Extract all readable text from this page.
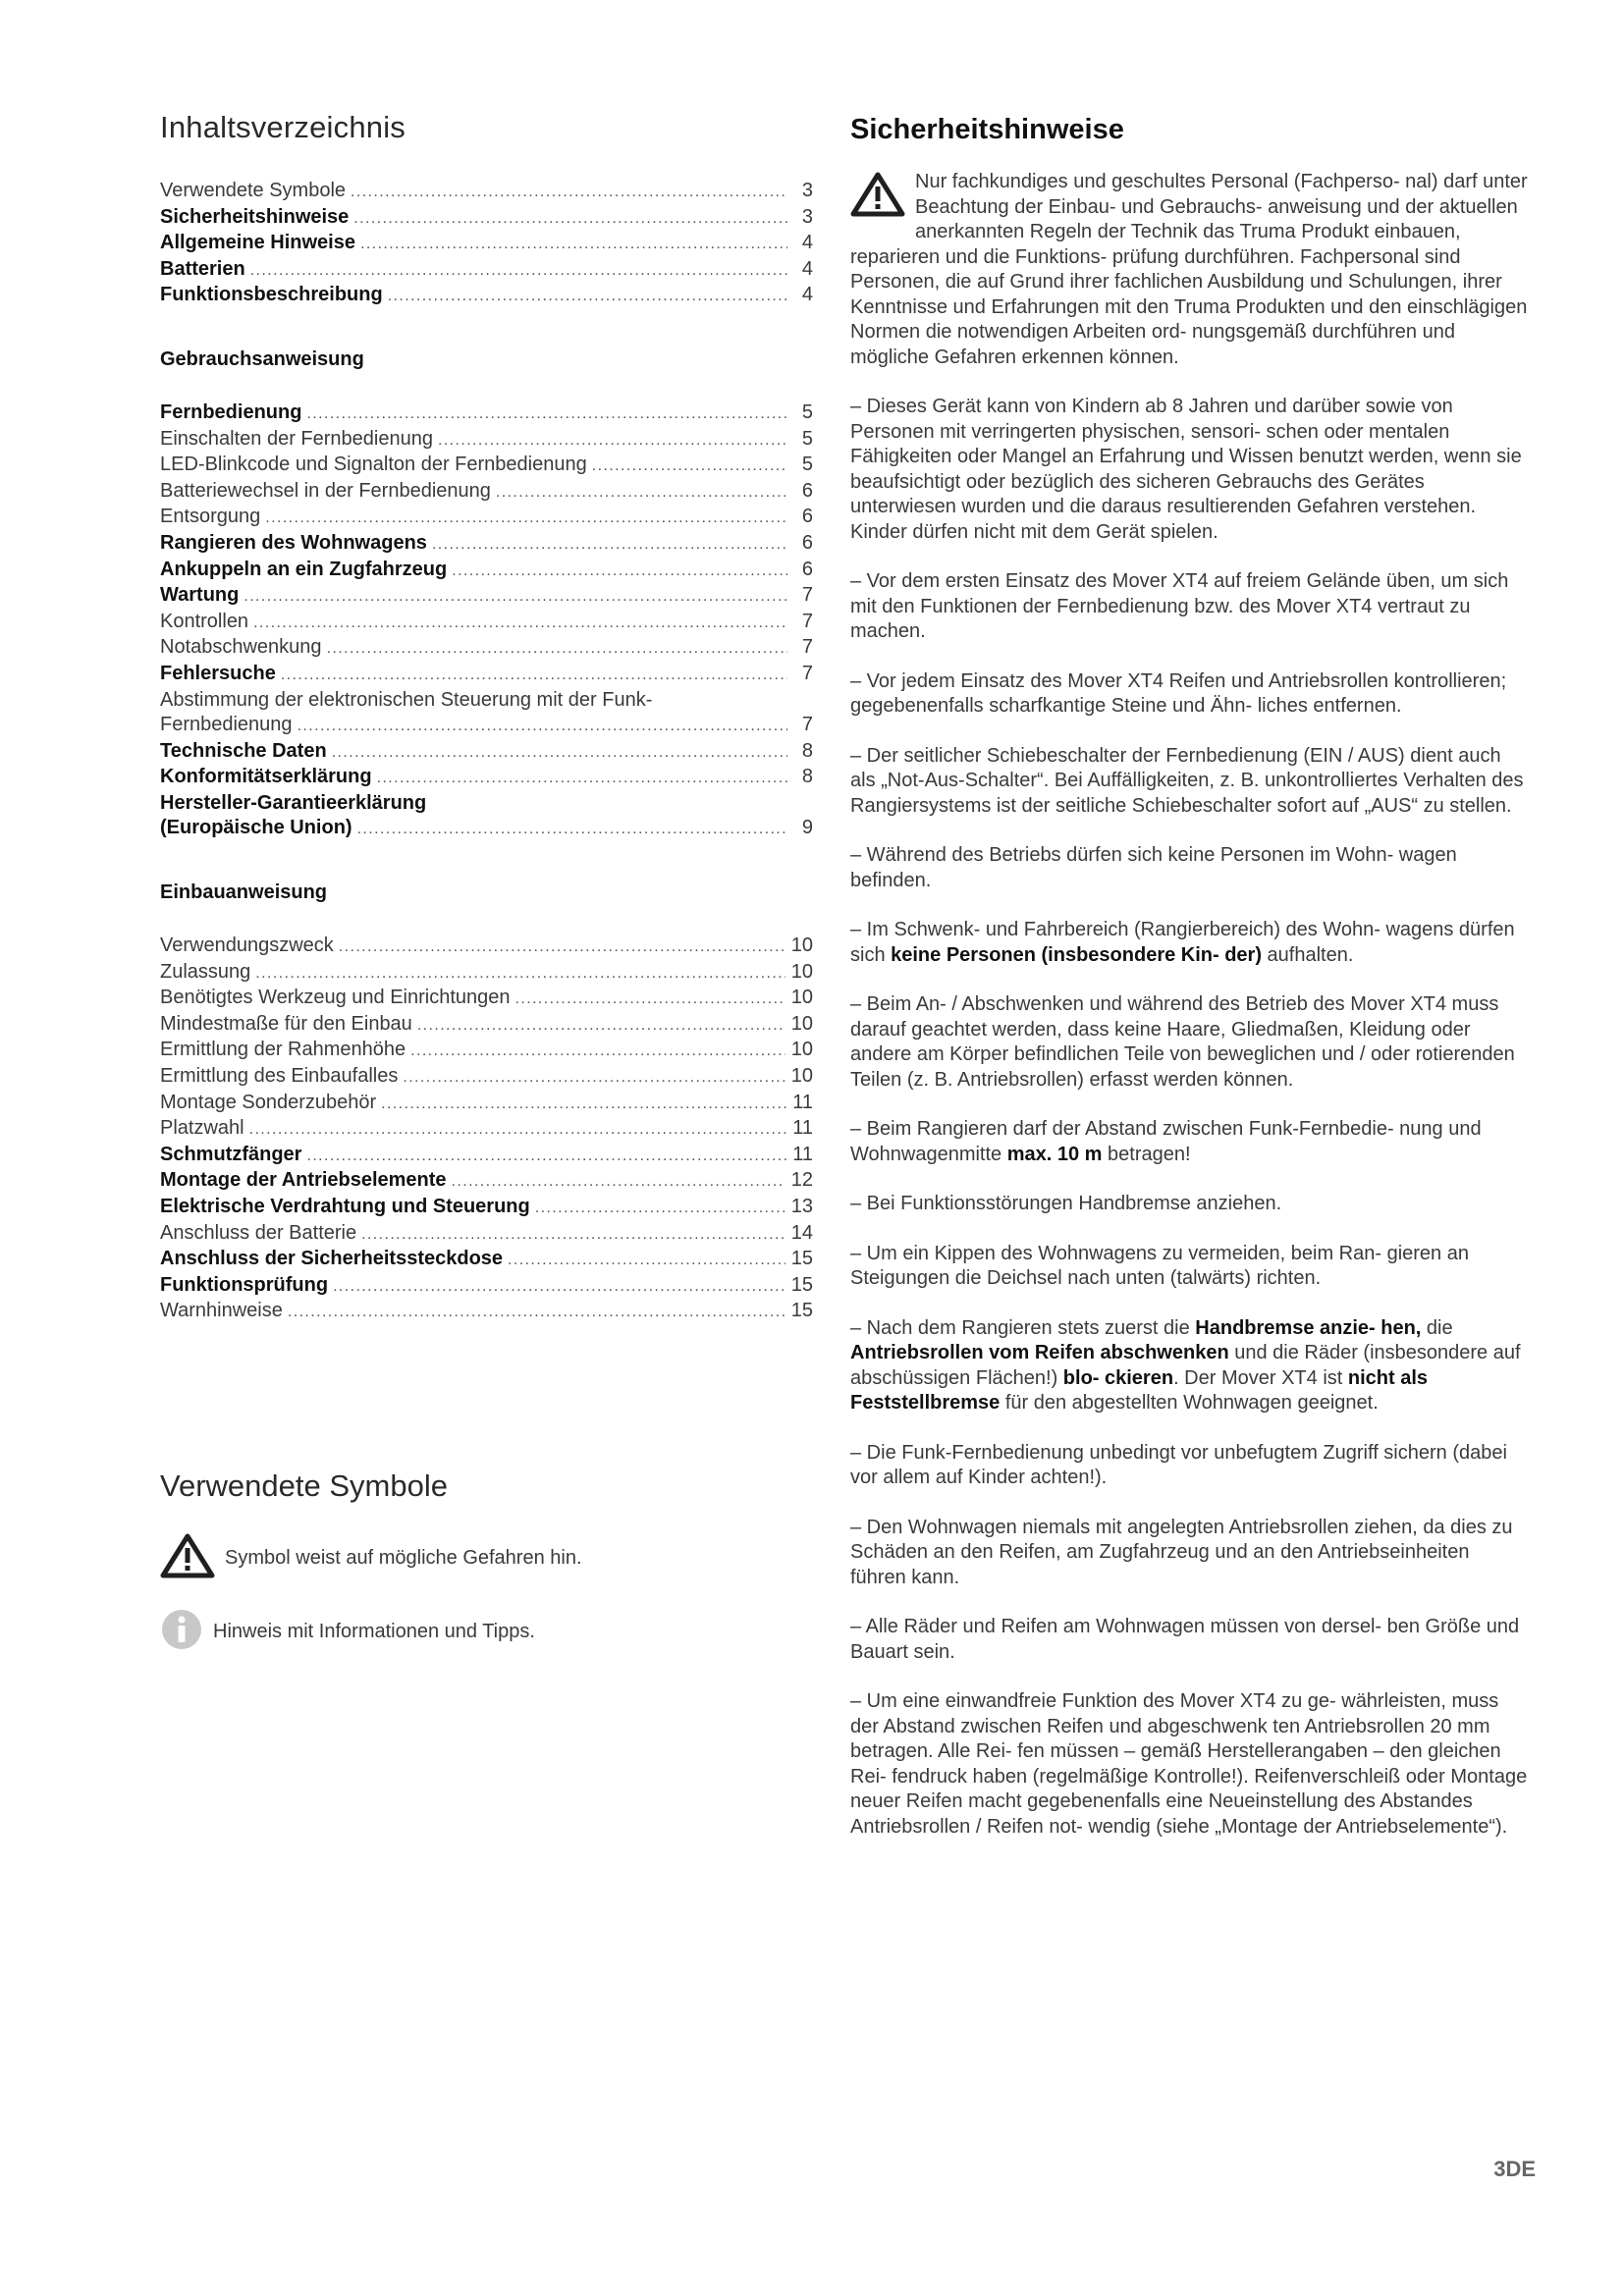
Inhaltsverzeichnis
Verwendete Symbole .....	3
Sicherheitshinweise .....	3
Allgemeine Hinweise .....	4
Batterien .....	4
Funktionsbeschreibung .....	4
Gebrauchsanweisung
Fernbedienung .....	5
Einschalten der Fernbedienung .....	5
LED-Blinkcode und Signalton der Fernbedienung .....	5
Batteriewechsel in der Fernbedienung .....	6
Entsorgung .....	6
Rangieren des Wohnwagens .....	6
Ankuppeln an ein Zugfahrzeug .....	6
Wartung .....	7
Kontrollen .....	7
Notabschwenkung .....	7
Fehlersuche .....	7
Abstimmung der elektronischen Steuerung mit der Funk-
Fernbedienung .....	7
Technische Daten .....	8
Konformitätserklärung .....	8
Hersteller-Garantieerklärung
(Europäische Union) .....	9
Einbauanweisung
Verwendungszweck .....	10
Zulassung .....	10
Benötigtes Werkzeug und Einrichtungen .....	10
Mindestmaße für den Einbau .....	10
Ermittlung der Rahmenhöhe .....	10
Ermittlung des Einbaufalles .....	10
Montage Sonderzubehör .....	11
Platzwahl .....	11
Schmutzfänger .....	11
Montage der Antriebselemente .....	12
Elektrische Verdrahtung und Steuerung .....	13
Anschluss der Batterie .....	14
Anschluss der Sicherheitssteckdose .....	15
Funktionsprüfung .....	15
Warnhinweise .....	15
Verwendete Symbole
Symbol weist auf mögliche Gefahren hin.
Hinweis mit Informationen und Tipps.
Sicherheitshinweise

Nur fachkundiges und geschultes Personal (Fachperso- nal) darf unter Beachtung der Einbau- und Gebrauchs- anweisung und der aktuellen anerkannten Regeln der Technik das Truma Produkt einbauen, reparieren und die Funktions- prüfung durchführen. Fachpersonal sind Personen, die auf Grund ihrer fachlichen Ausbildung und Schulungen, ihrer Kenntnisse und Erfahrungen mit den Truma Produkten und den einschlägigen Normen die notwendigen Arbeiten ord- nungsgemäß durchführen und mögliche Gefahren erkennen können.

– Dieses Gerät kann von Kindern ab 8 Jahren und darüber sowie von Personen mit verringerten physischen, sensori- schen oder mentalen Fähigkeiten oder Mangel an Erfahrung und Wissen benutzt werden, wenn sie beaufsichtigt oder bezüglich des sicheren Gebrauchs des Gerätes unterwiesen wurden und die daraus resultierenden Gefahren verstehen. Kinder dürfen nicht mit dem Gerät spielen.

– Vor dem ersten Einsatz des Mover XT4 auf freiem Gelände üben, um sich mit den Funktionen der Fernbedienung bzw. des Mover XT4 vertraut zu machen.

– Vor jedem Einsatz des Mover XT4 Reifen und Antriebsrollen kontrollieren; gegebenenfalls scharfkantige Steine und Ähn- liches entfernen.

– Der seitlicher Schiebeschalter der Fernbedienung (EIN / AUS) dient auch als „Not-Aus-Schalter“. Bei Auffälligkeiten, z. B. unkontrolliertes Verhalten des Rangiersystems ist der seitliche Schiebeschalter sofort auf „AUS“ zu stellen.

– Während des Betriebs dürfen sich keine Personen im Wohn- wagen befinden.

– Im Schwenk- und Fahrbereich (Rangierbereich) des Wohn- wagens dürfen sich keine Personen (insbesondere Kin- der) aufhalten.

– Beim An- / Abschwenken und während des Betrieb des Mover XT4 muss darauf geachtet werden, dass keine Haare, Gliedmaßen, Kleidung oder andere am Körper befindlichen Teile von beweglichen und / oder rotierenden Teilen (z. B. Antriebsrollen) erfasst werden können.

– Beim Rangieren darf der Abstand zwischen Funk-Fernbedie- nung und Wohnwagenmitte max. 10 m betragen!

– Bei Funktionsstörungen Handbremse anziehen.

– Um ein Kippen des Wohnwagens zu vermeiden, beim Ran- gieren an Steigungen die Deichsel nach unten (talwärts) richten.

– Nach dem Rangieren stets zuerst die Handbremse anzie- hen, die Antriebsrollen vom Reifen abschwenken und die Räder (insbesondere auf abschüssigen Flächen!) blo- ckieren. Der Mover XT4 ist nicht als Feststellbremse für den abgestellten Wohnwagen geeignet.

– Die Funk-Fernbedienung unbedingt vor unbefugtem Zugriff sichern (dabei vor allem auf Kinder achten!).

– Den Wohnwagen niemals mit angelegten Antriebsrollen ziehen, da dies zu Schäden an den Reifen, am Zugfahrzeug und an den Antriebseinheiten führen kann.

– Alle Räder und Reifen am Wohnwagen müssen von dersel- ben Größe und Bauart sein.

– Um eine einwandfreie Funktion des Mover XT4 zu ge- währleisten, muss der Abstand zwischen Reifen und abgeschwenk ten Antriebsrollen 20 mm betragen. Alle Rei- fen müssen – gemäß Herstellerangaben – den gleichen Rei- fendruck haben (regelmäßige Kontrolle!). Reifenverschleiß oder Montage neuer Reifen macht gegebenenfalls eine Neueinstellung des Abstandes Antriebsrollen / Reifen not- wendig (siehe „Montage der Antriebselemente“).

3DE
